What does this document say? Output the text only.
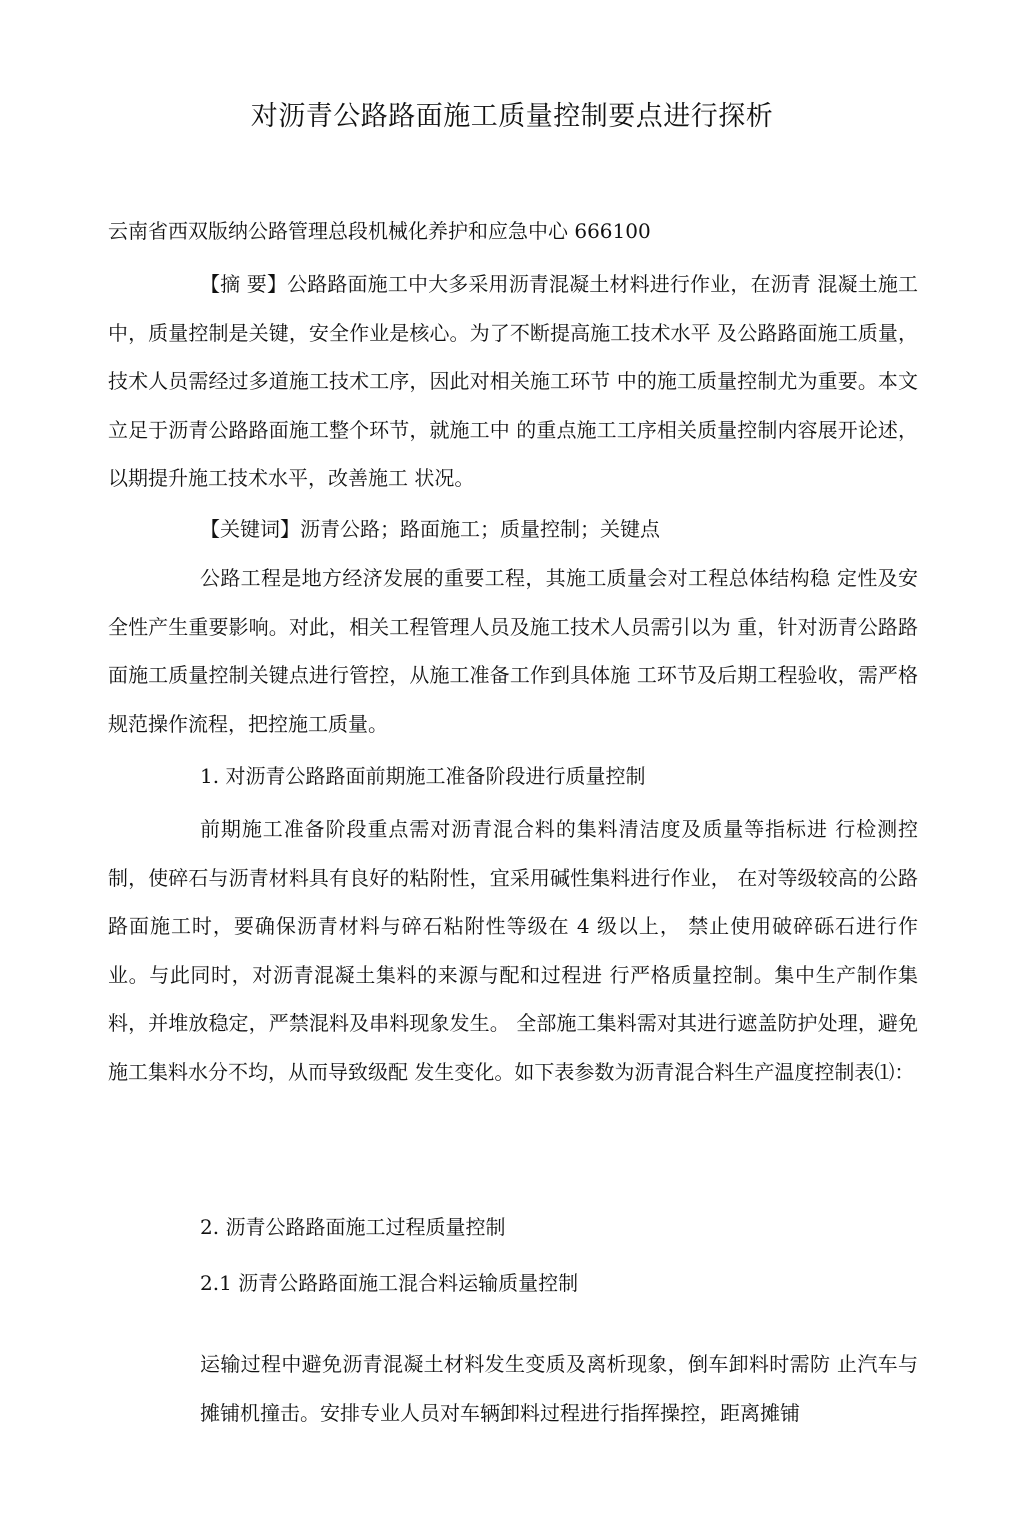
对沥青公路路面施工质量控制要点进行探析

云南省西双版纳公路管理总段机械化养护和应急中心 666100

【摘 要】公路路面施工中大多采用沥青混凝土材料进行作业，在沥青 混凝土施工中，质量控制是关键，安全作业是核心。为了不断提高施工技术水平 及公路路面施工质量，技术人员需经过多道施工技术工序，因此对相关施工环节 中的施工质量控制尤为重要。本文立足于沥青公路路面施工整个环节，就施工中 的重点施工工序相关质量控制内容展开论述，以期提升施工技术水平，改善施工 状况。

【关键词】沥青公路；路面施工；质量控制；关键点

公路工程是地方经济发展的重要工程，其施工质量会对工程总体结构稳 定性及安全性产生重要影响。对此，相关工程管理人员及施工技术人员需引以为 重，针对沥青公路路面施工质量控制关键点进行管控，从施工准备工作到具体施 工环节及后期工程验收，需严格规范操作流程，把控施工质量。

1. 对沥青公路路面前期施工准备阶段进行质量控制

前期施工准备阶段重点需对沥青混合料的集料清洁度及质量等指标进 行检测控制，使碎石与沥青材料具有良好的粘附性，宜采用碱性集料进行作业， 在对等级较高的公路路面施工时，要确保沥青材料与碎石粘附性等级在 4 级以上， 禁止使用破碎砾石进行作业。与此同时，对沥青混凝土集料的来源与配和过程进 行严格质量控制。集中生产制作集料，并堆放稳定，严禁混料及串料现象发生。 全部施工集料需对其进行遮盖防护处理，避免施工集料水分不均，从而导致级配 发生变化。如下表参数为沥青混合料生产温度控制表⑴：

2. 沥青公路路面施工过程质量控制

2.1 沥青公路路面施工混合料运输质量控制

运输过程中避免沥青混凝土材料发生变质及离析现象，倒车卸料时需防 止汽车与摊铺机撞击。安排专业人员对车辆卸料过程进行指挥操控，距离摊铺
